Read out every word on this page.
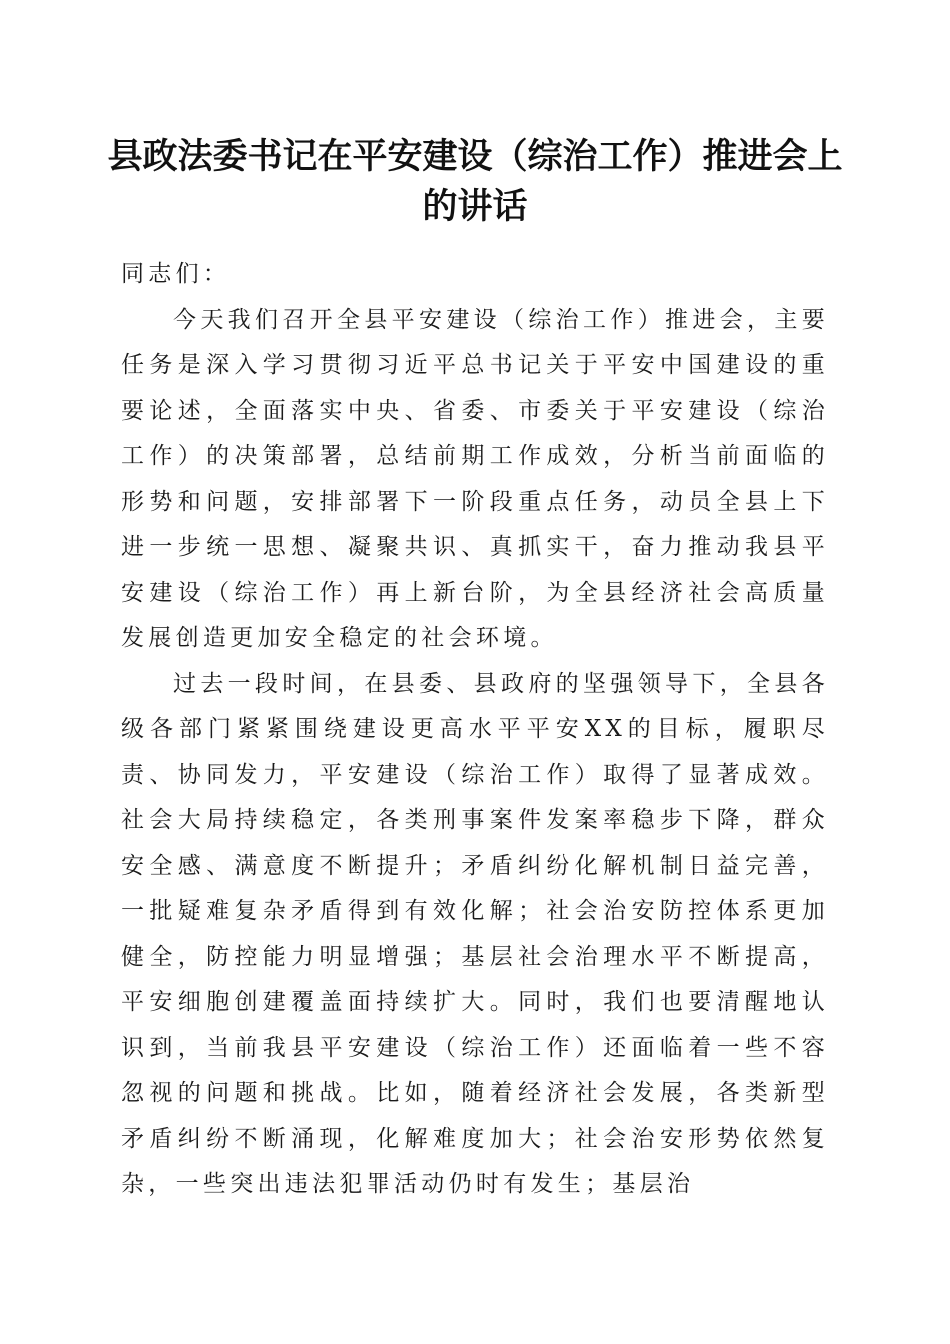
县政法委书记在平安建设（综治工作）推进会上的讲话

同志们：

今天我们召开全县平安建设（综治工作）推进会，主要任务是深入学习贯彻习近平总书记关于平安中国建设的重要论述，全面落实中央、省委、市委关于平安建设（综治工作）的决策部署，总结前期工作成效，分析当前面临的形势和问题，安排部署下一阶段重点任务，动员全县上下进一步统一思想、凝聚共识、真抓实干，奋力推动我县平安建设（综治工作）再上新台阶，为全县经济社会高质量发展创造更加安全稳定的社会环境。

过去一段时间，在县委、县政府的坚强领导下，全县各级各部门紧紧围绕建设更高水平平安XX的目标，履职尽责、协同发力，平安建设（综治工作）取得了显著成效。社会大局持续稳定，各类刑事案件发案率稳步下降，群众安全感、满意度不断提升；矛盾纠纷化解机制日益完善，一批疑难复杂矛盾得到有效化解；社会治安防控体系更加健全，防控能力明显增强；基层社会治理水平不断提高，平安细胞创建覆盖面持续扩大。同时，我们也要清醒地认识到，当前我县平安建设（综治工作）还面临着一些不容忽视的问题和挑战。比如，随着经济社会发展，各类新型矛盾纠纷不断涌现，化解难度加大；社会治安形势依然复杂，一些突出违法犯罪活动仍时有发生；基层治
